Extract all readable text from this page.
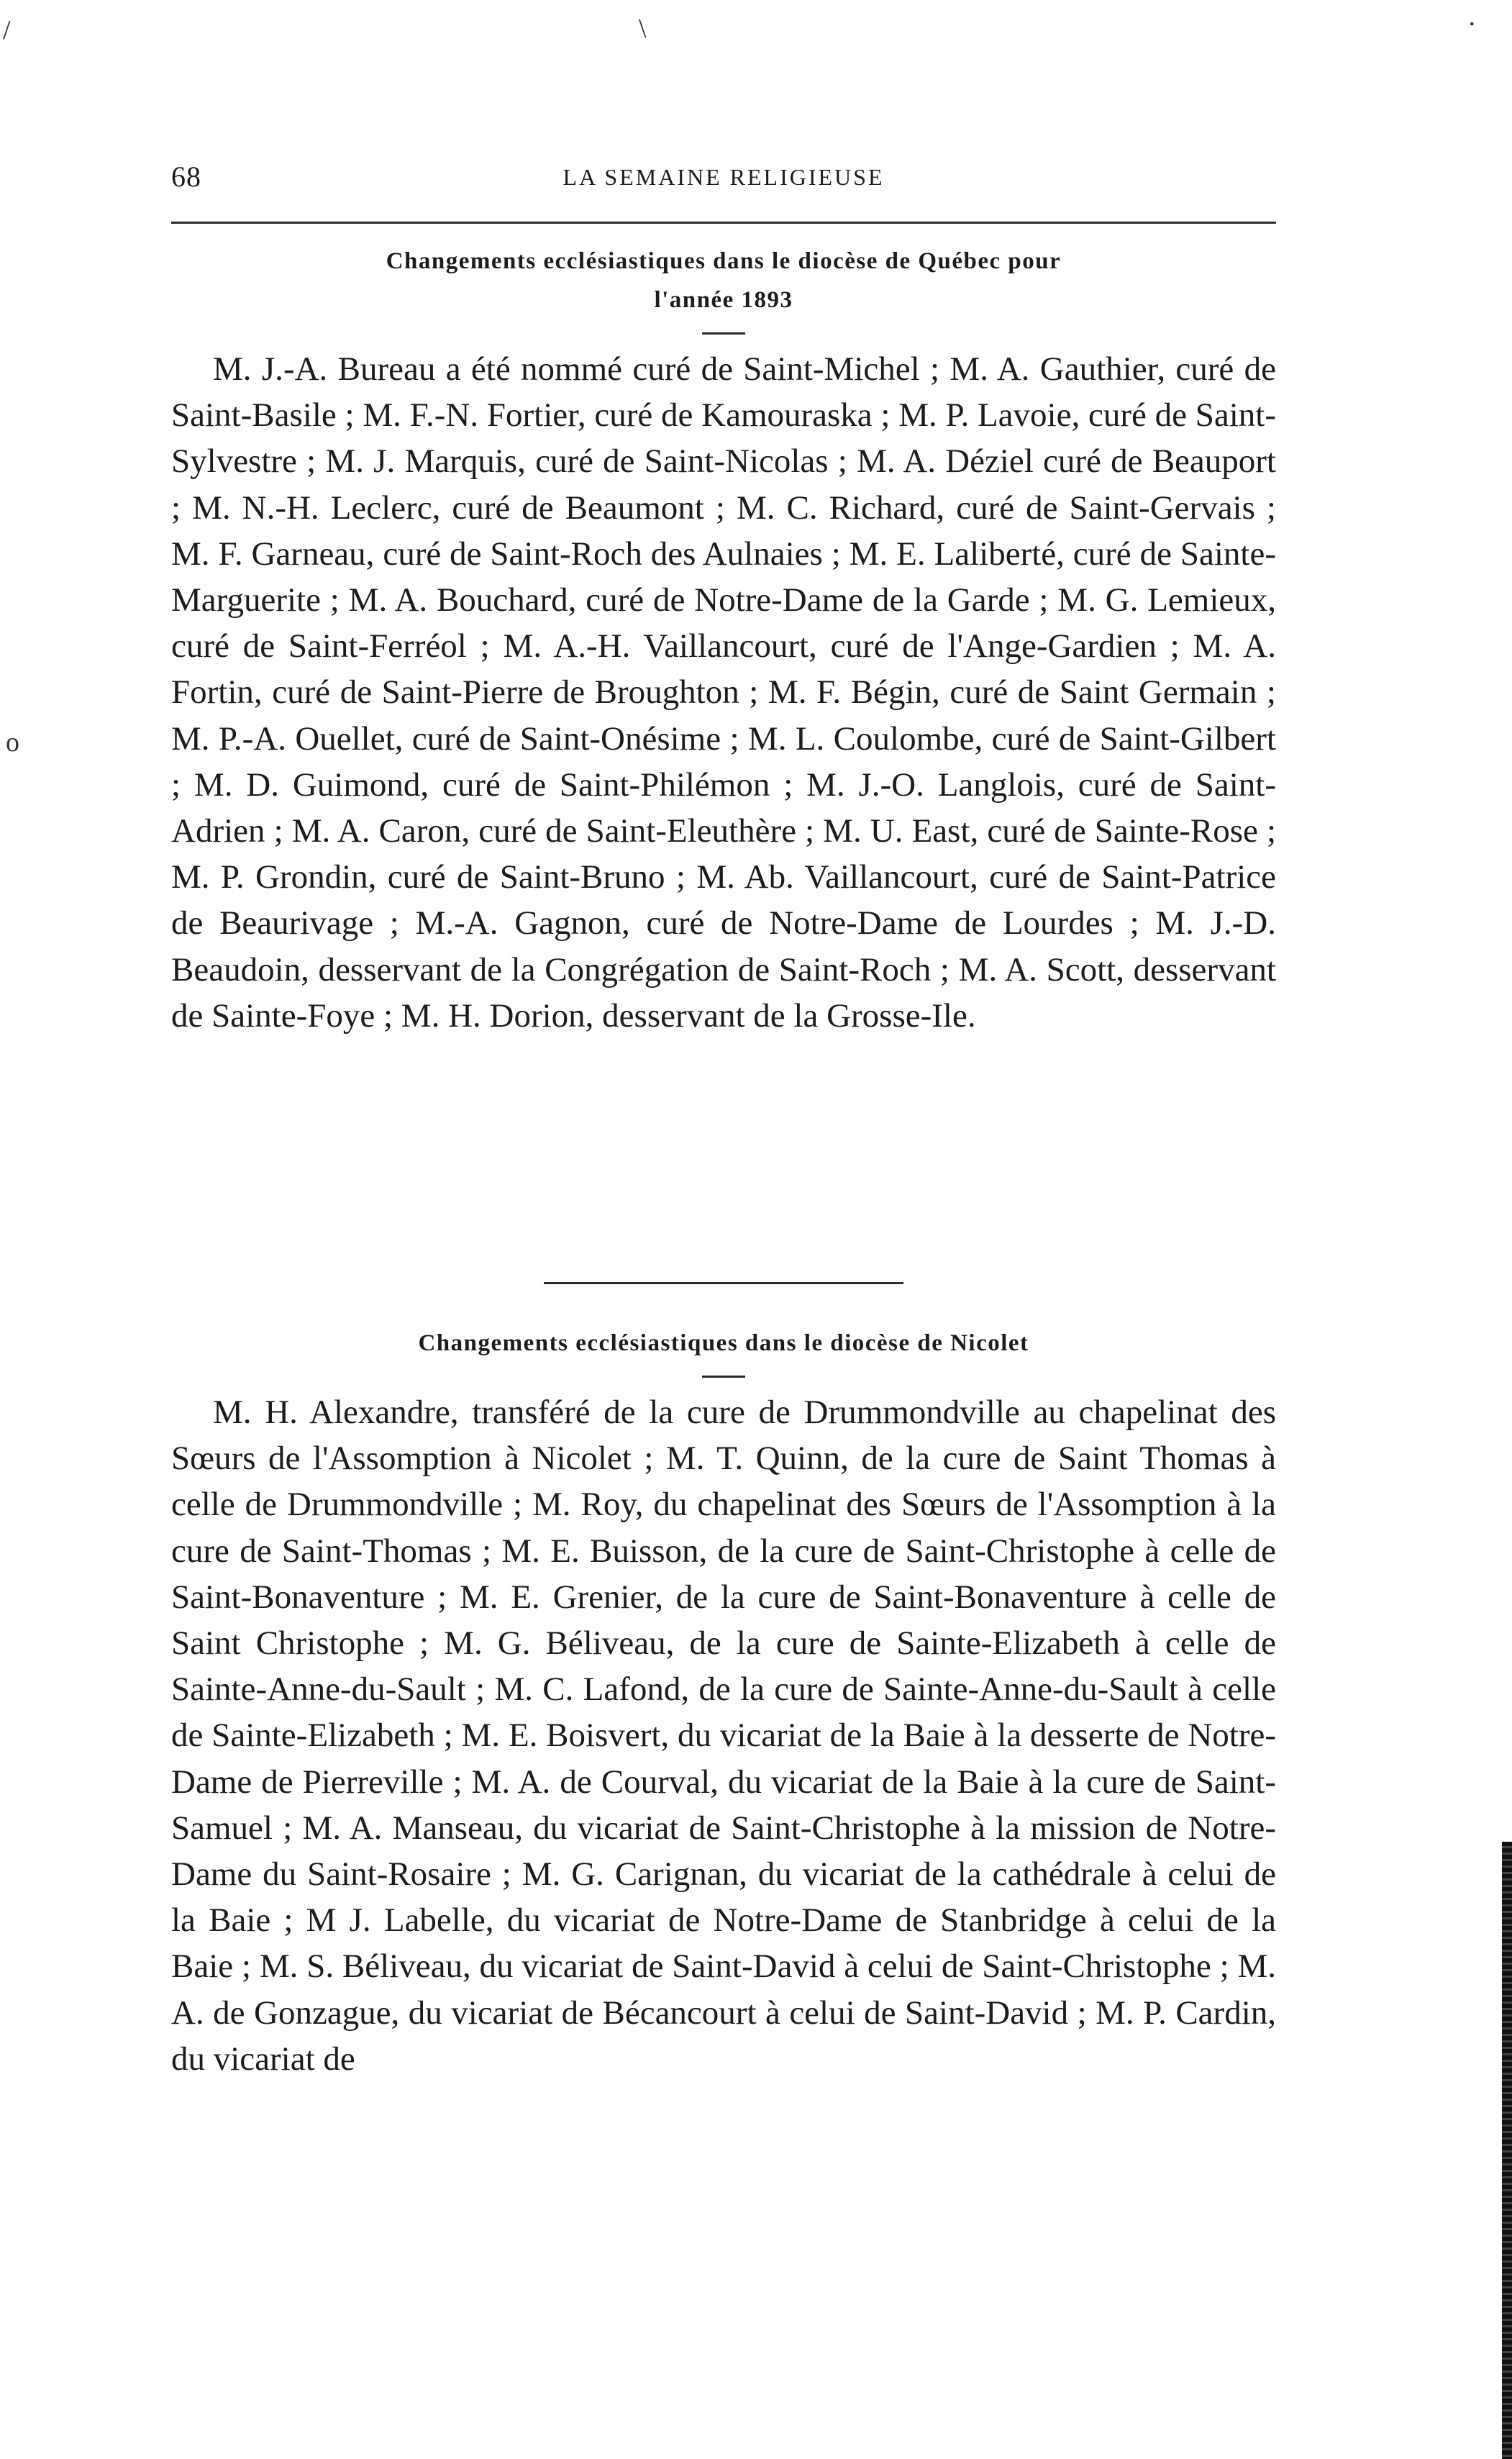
68	LA SEMAINE RELIGIEUSE
Changements ecclésiastiques dans le diocèse de Québec pour
l'année 1893

M. J.-A. Bureau a été nommé curé de Saint-Michel ; M. A. Gauthier, curé de Saint-Basile ; M. F.-N. Fortier, curé de Kamouraska ; M. P. Lavoie, curé de Saint-Sylvestre ; M. J. Marquis, curé de Saint-Nicolas ; M. A. Déziel curé de Beauport ; M. N.-H. Leclerc, curé de Beaumont ; M. C. Richard, curé de Saint-Gervais ; M. F. Garneau, curé de Saint-Roch des Aulnaies ; M. E. Laliberté, curé de Sainte-Marguerite ; M. A. Bouchard, curé de Notre-Dame de la Garde ; M. G. Lemieux, curé de Saint-Ferréol ; M. A.-H. Vaillancourt, curé de l'Ange-Gardien ; M. A. Fortin, curé de Saint-Pierre de Broughton ; M. F. Bégin, curé de Saint Germain ; M. P.-A. Ouellet, curé de Saint-Onésime ; M. L. Coulombe, curé de Saint-Gilbert ; M. D. Guimond, curé de Saint-Philémon ; M. J.-O. Langlois, curé de Saint-Adrien ; M. A. Caron, curé de Saint-Eleuthère ; M. U. East, curé de Sainte-Rose ; M. P. Grondin, curé de Saint-Bruno ; M. Ab. Vaillancourt, curé de Saint-Patrice de Beaurivage ; M.-A. Gagnon, curé de Notre-Dame de Lourdes ; M. J.-D. Beaudoin, desservant de la Congrégation de Saint-Roch ; M. A. Scott, desservant de Sainte-Foye ; M. H. Dorion, desservant de la Grosse-Ile.

Changements ecclésiastiques dans le diocèse de Nicolet

M. H. Alexandre, transféré de la cure de Drummondville au chapelinat des Sœurs de l'Assomption à Nicolet ; M. T. Quinn, de la cure de Saint Thomas à celle de Drummondville ; M. Roy, du chapelinat des Sœurs de l'Assomption à la cure de Saint-Thomas ; M. E. Buisson, de la cure de Saint-Christophe à celle de Saint-Bonaventure ; M. E. Grenier, de la cure de Saint-Bonaventure à celle de Saint Christophe ; M. G. Béliveau, de la cure de Sainte-Elizabeth à celle de Sainte-Anne-du-Sault ; M. C. Lafond, de la cure de Sainte-Anne-du-Sault à celle de Sainte-Elizabeth ; M. E. Boisvert, du vicariat de la Baie à la desserte de Notre-Dame de Pierreville ; M. A. de Courval, du vicariat de la Baie à la cure de Saint-Samuel ; M. A. Manseau, du vicariat de Saint-Christophe à la mission de Notre-Dame du Saint-Rosaire ; M. G. Carignan, du vicariat de la cathédrale à celui de la Baie ; M J. Labelle, du vicariat de Notre-Dame de Stanbridge à celui de la Baie ; M. S. Béliveau, du vicariat de Saint-David à celui de Saint-Christophe ; M. A. de Gonzague, du vicariat de Bécancourt à celui de Saint-David ; M. P. Cardin, du vicariat de

\	·
/
o
